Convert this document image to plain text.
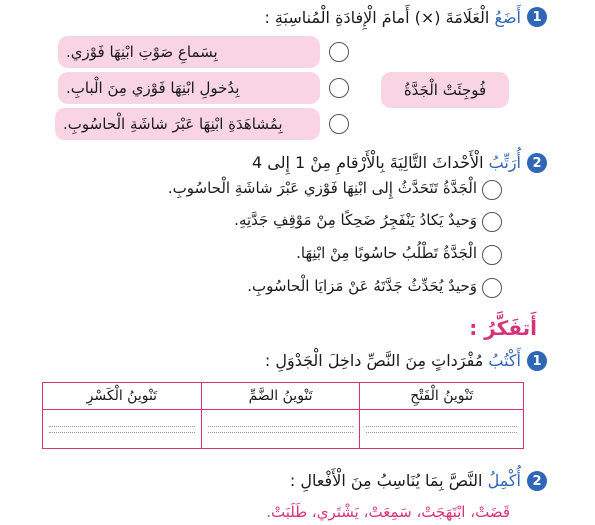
1
أَضَعُ الْعَلَامَةَ (×) أَمامَ الْإِفادَةِ الْمُناسِبَةِ :
بِسَماعِ صَوْتِ ابْنِهَا فَوْزي.
بِدُخولِ ابْنِهَا فَوْزي مِنَ الْبابِ.
بِمُشاهَدَةِ ابْنِهَا عَبْرَ شاشَةِ الْحاسُوبِ.
فُوجِئَتْ الْجَدَّةُ
2
أُرَتِّبُ الْأَحْداثَ التَّالِيَةَ بِالْأَرْقامِ مِنْ 1 إِلى 4
الْجَدَّةُ تَتَحَدَّثُ إِلى ابْنِهَا فَوْزي عَبْرَ شاشَةِ الْحاسُوبِ.
وَحيدٌ يَكادُ يَنْفَجِرُ ضَحِكًا مِنْ مَوْقِفِ جَدَّتِهِ.
الْجَدَّةُ تَطْلُبُ حاسُوبًا مِنْ ابْنِهَا.
وَحيدٌ يُحَدِّثُ جَدَّتَهُ عَنْ مَزايَا الْحاسُوبِ.
أَتفَكَّرُ :
1
أَكْتُبُ مُفْرَداتٍ مِنَ النَّصِّ داخِلَ الْجَدْوَلِ :
تَنْوينُ الْكَسْرِ	تَنْوينُ الضَّمِّ	تَنْوينُ الْفَتْحِ

2
أُكْمِلُ النَّصَّ بِمَا يُنَاسِبُ مِنَ الْأَفْعالِ :
قَضَتْ، ابْتَهَجَتْ، سَمِعَتْ، يَشْتَري، طَلَبَتْ.
